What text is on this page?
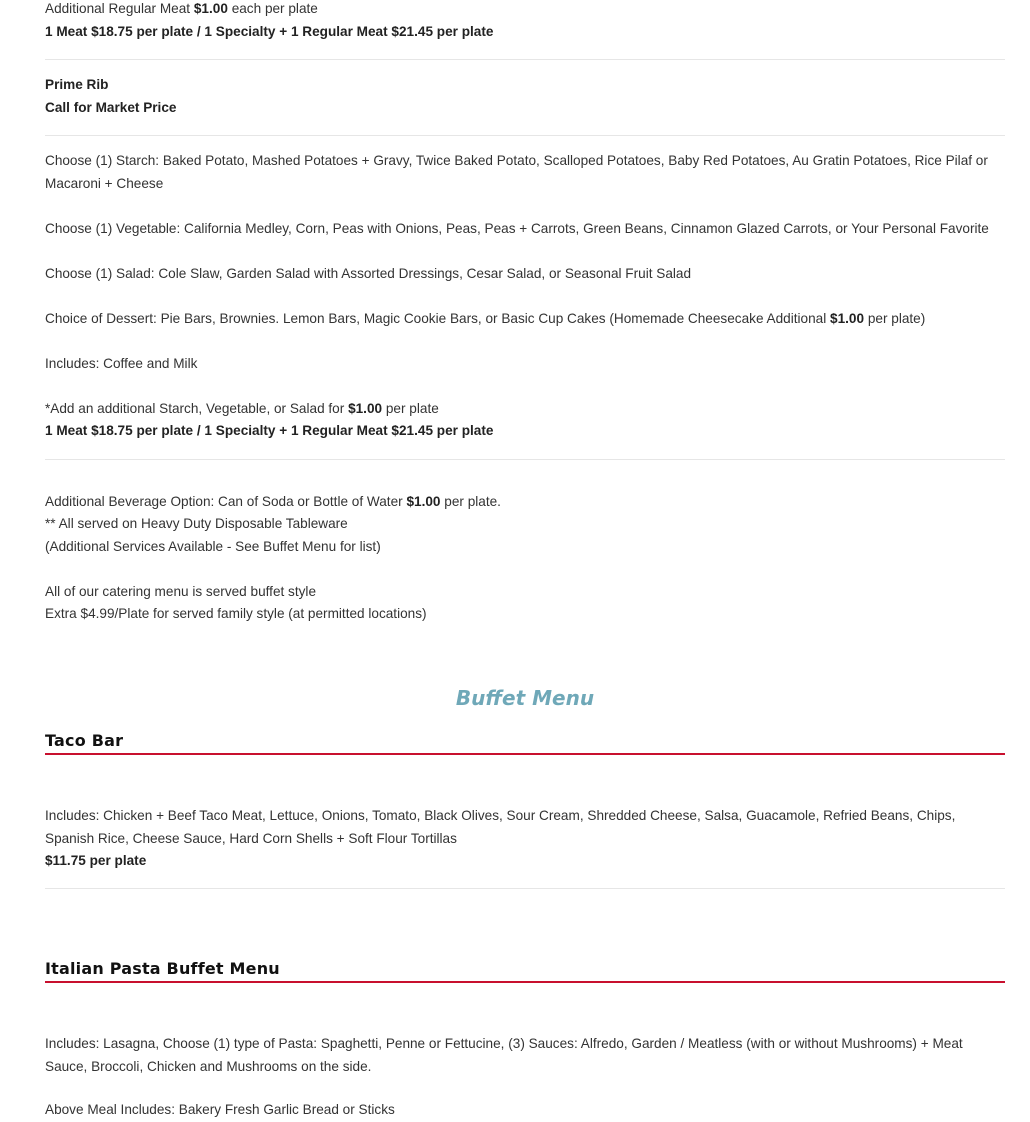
Additional Regular Meat $1.00 each per plate

1 Meat $18.75 per plate / 1 Specialty + 1 Regular Meat $21.45 per plate

Prime Rib

Call for Market Price

Choose (1) Starch: Baked Potato, Mashed Potatoes + Gravy, Twice Baked Potato, Scalloped Potatoes, Baby Red Potatoes, Au Gratin Potatoes, Rice Pilaf or Macaroni + Cheese

Choose (1) Vegetable: California Medley, Corn, Peas with Onions, Peas, Peas + Carrots, Green Beans, Cinnamon Glazed Carrots, or Your Personal Favorite

Choose (1) Salad: Cole Slaw, Garden Salad with Assorted Dressings, Cesar Salad, or Seasonal Fruit Salad

Choice of Dessert: Pie Bars, Brownies. Lemon Bars, Magic Cookie Bars, or Basic Cup Cakes (Homemade Cheesecake Additional $1.00 per plate)

Includes: Coffee and Milk

*Add an additional Starch, Vegetable, or Salad for $1.00 per plate

1 Meat $18.75 per plate / 1 Specialty + 1 Regular Meat $21.45 per plate

Additional Beverage Option: Can of Soda or Bottle of Water $1.00 per plate.

** All served on Heavy Duty Disposable Tableware

(Additional Services Available - See Buffet Menu for list)

All of our catering menu is served buffet style

Extra $4.99/Plate for served family style (at permitted locations)

Buffet Menu
Taco Bar

Includes: Chicken + Beef Taco Meat, Lettuce, Onions, Tomato, Black Olives, Sour Cream, Shredded Cheese, Salsa, Guacamole, Refried Beans, Chips, Spanish Rice, Cheese Sauce, Hard Corn Shells + Soft Flour Tortillas

$11.75 per plate

Italian Pasta Buffet Menu

Includes: Lasagna, Choose (1) type of Pasta: Spaghetti, Penne or Fettucine, (3) Sauces: Alfredo, Garden / Meatless (with or without Mushrooms) + Meat Sauce, Broccoli, Chicken and Mushrooms on the side.

Above Meal Includes: Bakery Fresh Garlic Bread or Sticks
